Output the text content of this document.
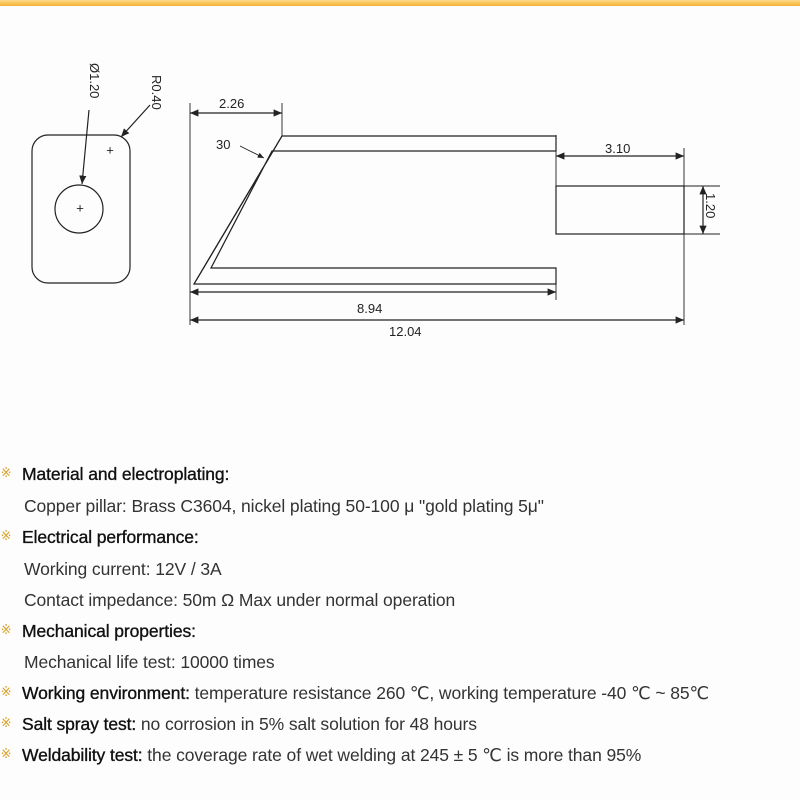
+
+
Ø1.20	R0.40	2.26
30	3.10
1.20
8.94
12.04
※ Material and electroplating:
Copper pillar: Brass C3604, nickel plating 50-100 μ "gold plating 5μ"
※ Electrical performance:
Working current: 12V / 3A
Contact impedance: 50m Ω Max under normal operation
※ Mechanical properties:
Mechanical life test: 10000 times
※ Working environment: temperature resistance 260 ℃, working temperature -40 ℃ ~ 85℃
※ Salt spray test: no corrosion in 5% salt solution for 48 hours
※ Weldability test: the coverage rate of wet welding at 245 ± 5 ℃ is more than 95%
